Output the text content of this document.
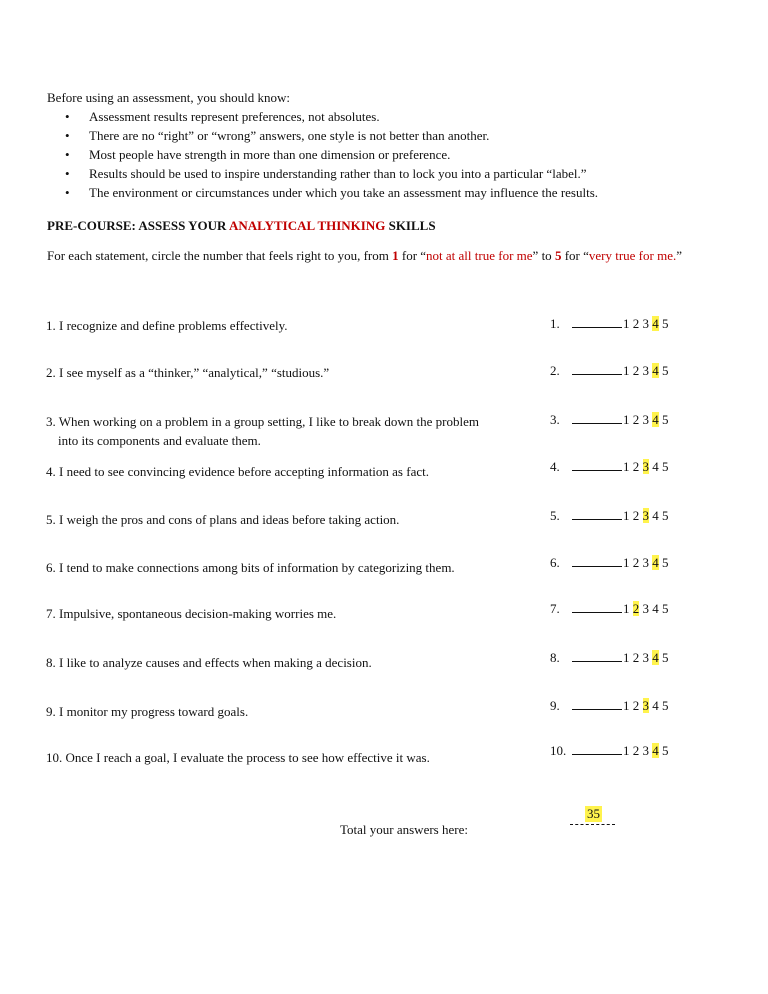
Before using an assessment, you should know:
• Assessment results represent preferences, not absolutes.
• There are no “right” or “wrong” answers, one style is not better than another.
• Most people have strength in more than one dimension or preference.
• Results should be used to inspire understanding rather than to lock you into a particular “label.”
• The environment or circumstances under which you take an assessment may influence the results.
PRE-COURSE: ASSESS YOUR ANALYTICAL THINKING SKILLS
For each statement, circle the number that feels right to you, from 1 for “not at all true for me” to 5 for “very true for me.”
1. I recognize and define problems effectively.	1.	1 2 3 4 5
2. I see myself as a “thinker,” “analytical,” “studious.”	2.	1 2 3 4 5
3. When working on a problem in a group setting, I like to break down the problem
into its components and evaluate them.
3.	1 2 3 4 5
4. I need to see convincing evidence before accepting information as fact.	4.	1 2 3 4 5
5. I weigh the pros and cons of plans and ideas before taking action.	5.	1 2 3 4 5
6. I tend to make connections among bits of information by categorizing them.	6.	1 2 3 4 5
7. Impulsive, spontaneous decision-making worries me.	7.	1 2 3 4 5
8. I like to analyze causes and effects when making a decision.	8.	1 2 3 4 5
9. I monitor my progress toward goals.	9.	1 2 3 4 5
10. Once I reach a goal, I evaluate the process to see how effective it was.	10.	1 2 3 4 5
Total your answers here:
35
